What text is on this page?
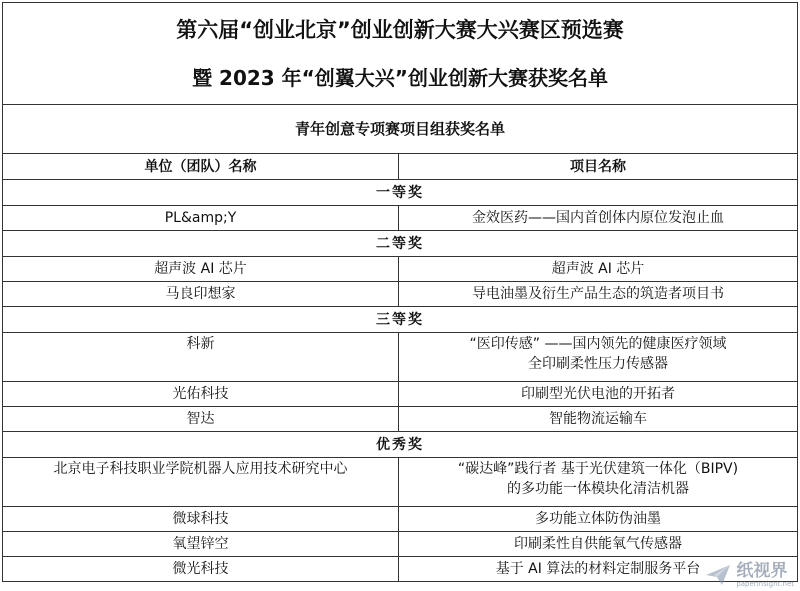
第六届“创业北京”创业创新大赛大兴赛区预选赛
暨 2023 年“创翼大兴”创业创新大赛获奖名单	

青年创意专项赛项目组获奖名单	
单位（团队）名称	项目名称
一等奖	
PL&amp;Y	金效医药——国内首创体内原位发泡止血
二等奖	
超声波 AI 芯片	超声波 AI 芯片
马良印想家	导电油墨及衍生产品生态的筑造者项目书
三等奖	
科新	“医印传感” ——国内领先的健康医疗领域
全印刷柔性压力传感器

光佑科技	印刷型光伏电池的开拓者
智达	智能物流运输车
优秀奖	
北京电子科技职业学院机器人应用技术研究中心	“碳达峰”践行者 基于光伏建筑一体化（BIPV)
的多功能一体模块化清洁机器

微球科技	多功能立体防伪油墨
氧望锌空	印刷柔性自供能氧气传感器
微光科技	基于 AI 算法的材料定制服务平台 纸视界
paperinsight.net
